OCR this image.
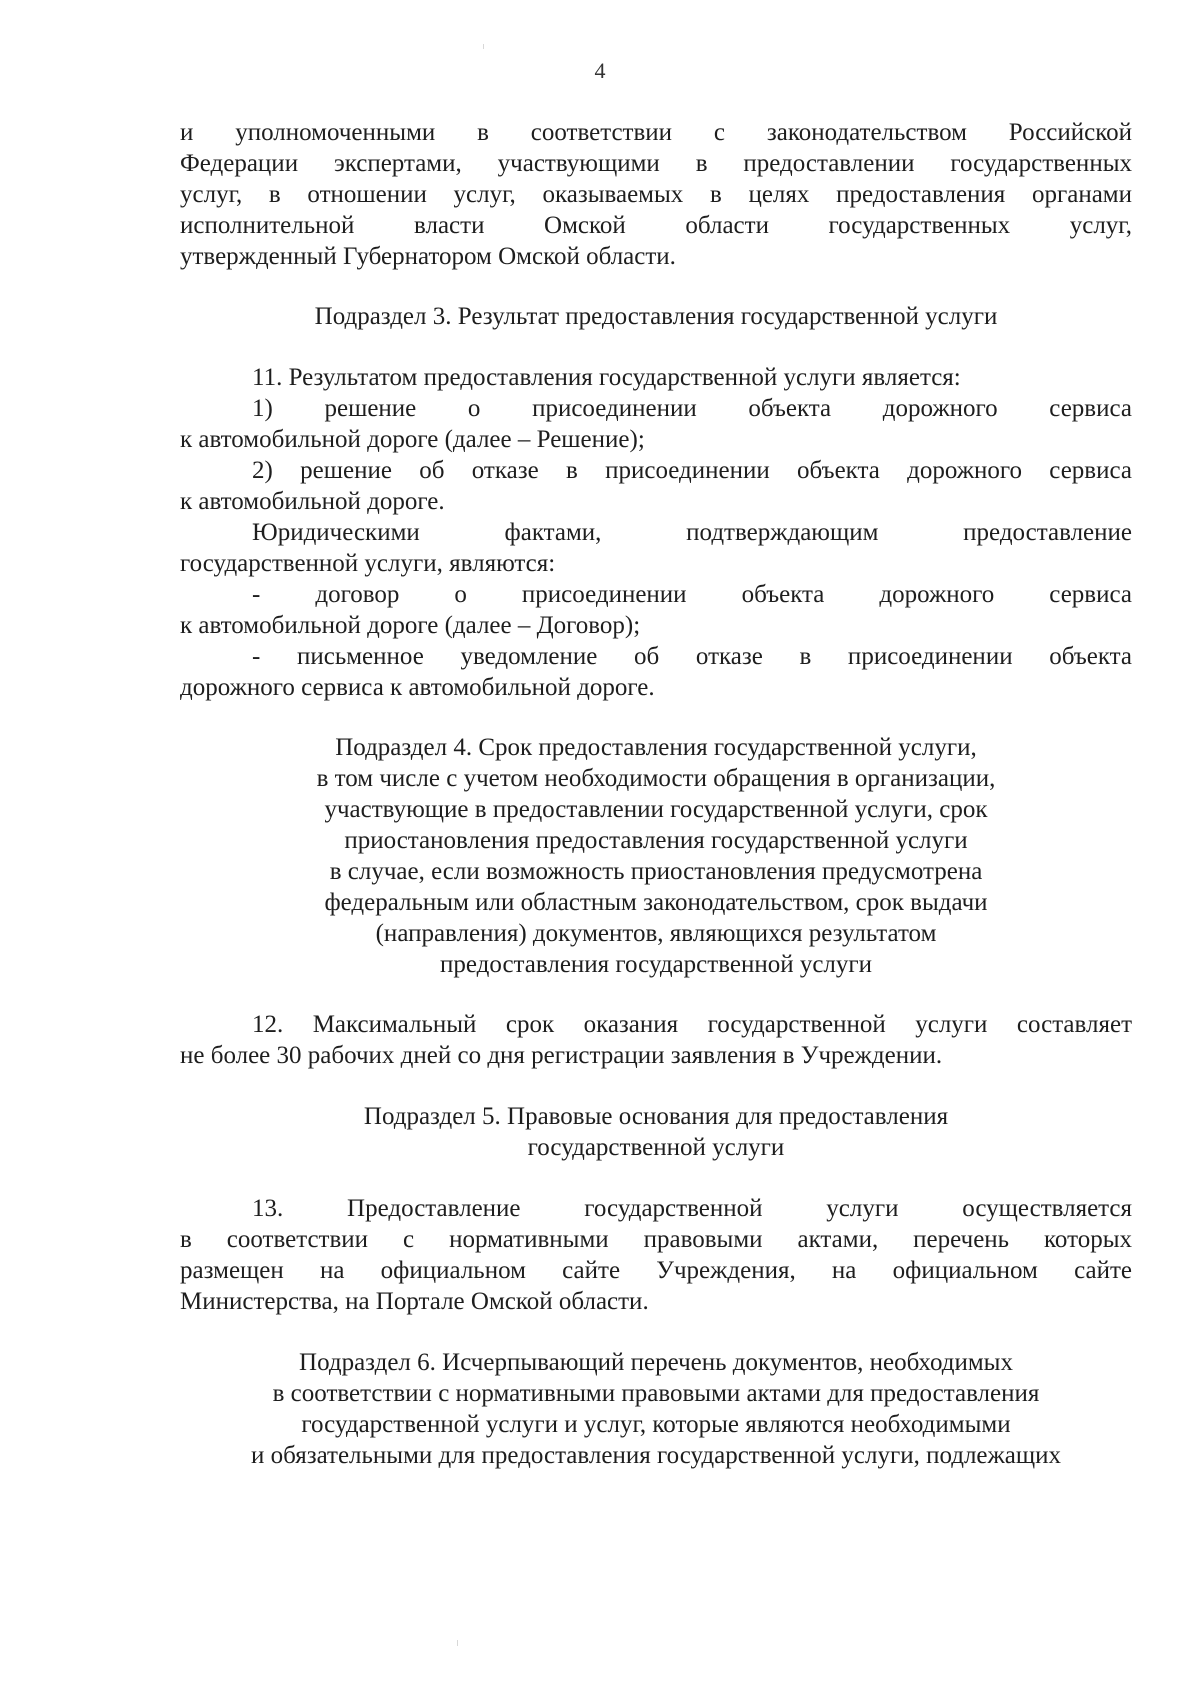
4
и уполномоченными в соответствии с законодательством Российской
Федерации экспертами, участвующими в предоставлении государственных
услуг, в отношении услуг, оказываемых в целях предоставления органами
исполнительной власти Омской области государственных услуг,
утвержденный Губернатором Омской области.
Подраздел 3. Результат предоставления государственной услуги
11. Результатом предоставления государственной услуги является:
1) решение о присоединении объекта дорожного сервиса
к автомобильной дороге (далее – Решение);
2) решение об отказе в присоединении объекта дорожного сервиса
к автомобильной дороге.
Юридическими фактами, подтверждающим предоставление
государственной услуги, являются:
- договор о присоединении объекта дорожного сервиса
к автомобильной дороге (далее – Договор);
- письменное уведомление об отказе в присоединении объекта
дорожного сервиса к автомобильной дороге.
Подраздел 4. Срок предоставления государственной услуги,
в том числе с учетом необходимости обращения в организации,
участвующие в предоставлении государственной услуги, срок
приостановления предоставления государственной услуги
в случае, если возможность приостановления предусмотрена
федеральным или областным законодательством, срок выдачи
(направления) документов, являющихся результатом
предоставления государственной услуги
12. Максимальный срок оказания государственной услуги составляет
не более 30 рабочих дней со дня регистрации заявления в Учреждении.
Подраздел 5. Правовые основания для предоставления
государственной услуги
13. Предоставление государственной услуги осуществляется
в соответствии с нормативными правовыми актами, перечень которых
размещен на официальном сайте Учреждения, на официальном сайте
Министерства, на Портале Омской области.
Подраздел 6. Исчерпывающий перечень документов, необходимых
в соответствии с нормативными правовыми актами для предоставления
государственной услуги и услуг, которые являются необходимыми
и обязательными для предоставления государственной услуги, подлежащих
